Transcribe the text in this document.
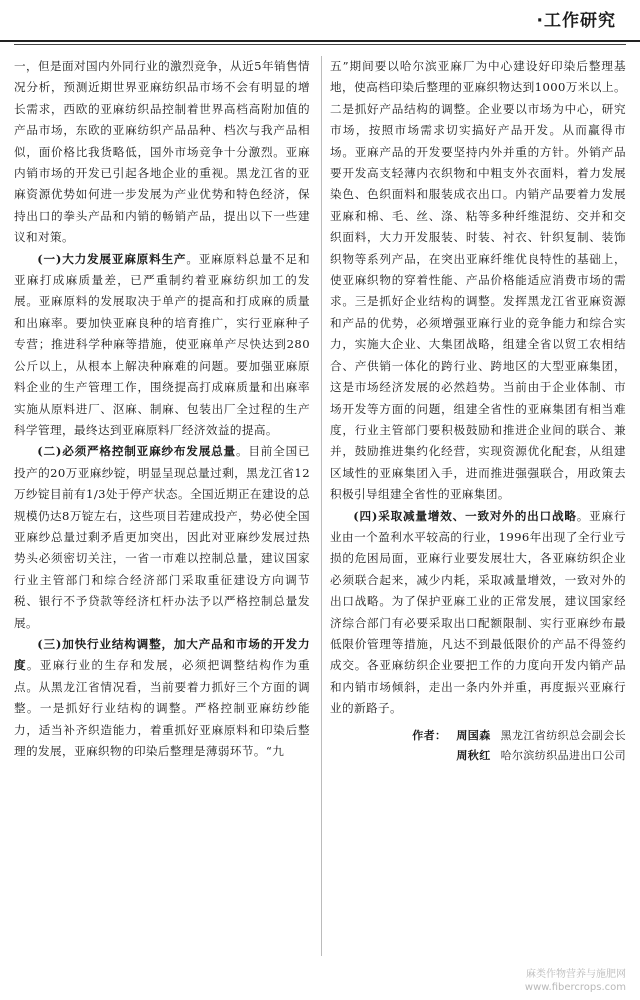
·工作研究

一，但是面对国内外同行业的激烈竞争，从近5年销售情况分析，预测近期世界亚麻纺织品市场不会有明显的增长需求，西欧的亚麻纺织品控制着世界高档高附加值的产品市场，东欧的亚麻纺织产品品种、档次与我产品相似，面价格比我货略低，国外市场竞争十分激烈。亚麻内销市场的开发已引起各地企业的重视。黑龙江省的亚麻资源优势如何进一步发展为产业优势和特色经济，保持出口的拳头产品和内销的畅销产品，提出以下一些建议和对策。

(一)大力发展亚麻原料生产。亚麻原料总量不足和亚麻打成麻质量差，已严重制约着亚麻纺织加工的发展。亚麻原料的发展取决于单产的提高和打成麻的质量和出麻率。要加快亚麻良种的培育推广，实行亚麻种子专营；推进科学种麻等措施，使亚麻单产尽快达到280公斤以上，从根本上解决种麻难的问题。要加强亚麻原料企业的生产管理工作，围绕提高打成麻质量和出麻率实施从原料进厂、沤麻、制麻、包装出厂全过程的生产科学管理，最终达到亚麻原料厂经济效益的提高。

(二)必须严格控制亚麻纱布发展总量。目前全国已投产的20万亚麻纱锭，明显呈现总量过剩，黑龙江省12万纱锭目前有1/3处于停产状态。全国近期正在建设的总规模仍达8万锭左右，这些项目若建成投产，势必使全国亚麻纱总量过剩矛盾更加突出，因此对亚麻纱发展过热势头必须密切关注，一省一市难以控制总量，建议国家行业主管部门和综合经济部门采取重征建设方向调节税、银行不予贷款等经济杠杆办法予以严格控制总量发展。

(三)加快行业结构调整，加大产品和市场的开发力度。亚麻行业的生存和发展，必须把调整结构作为重点。从黑龙江省情况看，当前要着力抓好三个方面的调整。一是抓好行业结构的调整。严格控制亚麻纺纱能力，适当补齐织造能力，着重抓好亚麻原料和印染后整理的发展，亚麻织物的印染后整理是薄弱环节。“九

五”期间要以哈尔滨亚麻厂为中心建设好印染后整理基地，使高档印染后整理的亚麻织物达到1000万米以上。二是抓好产品结构的调整。企业要以市场为中心，研究市场，按照市场需求切实搞好产品开发。从而赢得市场。亚麻产品的开发要坚持内外并重的方针。外销产品要开发高支轻薄内衣织物和中粗支外衣面料，着力发展染色、色织面料和服装成衣出口。内销产品要着力发展亚麻和棉、毛、丝、涤、粘等多种纤维混纺、交并和交织面料，大力开发服装、时装、衬衣、针织复制、装饰织物等系列产品，在突出亚麻纤维优良特性的基础上，使亚麻织物的穿着性能、产品价格能适应消费市场的需求。三是抓好企业结构的调整。发挥黑龙江省亚麻资源和产品的优势，必须增强亚麻行业的竞争能力和综合实力，实施大企业、大集团战略，组建全省以贸工农相结合、产供销一体化的跨行业、跨地区的大型亚麻集团，这是市场经济发展的必然趋势。当前由于企业体制、市场开发等方面的问题，组建全省性的亚麻集团有相当难度，行业主管部门要积极鼓励和推进企业间的联合、兼并，鼓励推进集约化经营，实现资源优化配套，从组建区域性的亚麻集团入手，进而推进强强联合，用政策去积极引导组建全省性的亚麻集团。

(四)采取减量增效、一致对外的出口战略。亚麻行业由一个盈利水平较高的行业，1996年出现了全行业亏损的危困局面，亚麻行业要发展壮大，各亚麻纺织企业必须联合起来，减少内耗，采取减量增效，一致对外的出口战略。为了保护亚麻工业的正常发展，建议国家经济综合部门有必要采取出口配额限制、实行亚麻纱布最低限价管理等措施，凡达不到最低限价的产品不得签约成交。各亚麻纺织企业要把工作的力度向开发内销产品和内销市场倾斜，走出一条内外并重，再度振兴亚麻行业的新路子。

作者： 周国森 黑龙江省纺织总会副会长
周秋红 哈尔滨纺织品进出口公司
麻类作物营养与施肥网
www.fibercrops.com
